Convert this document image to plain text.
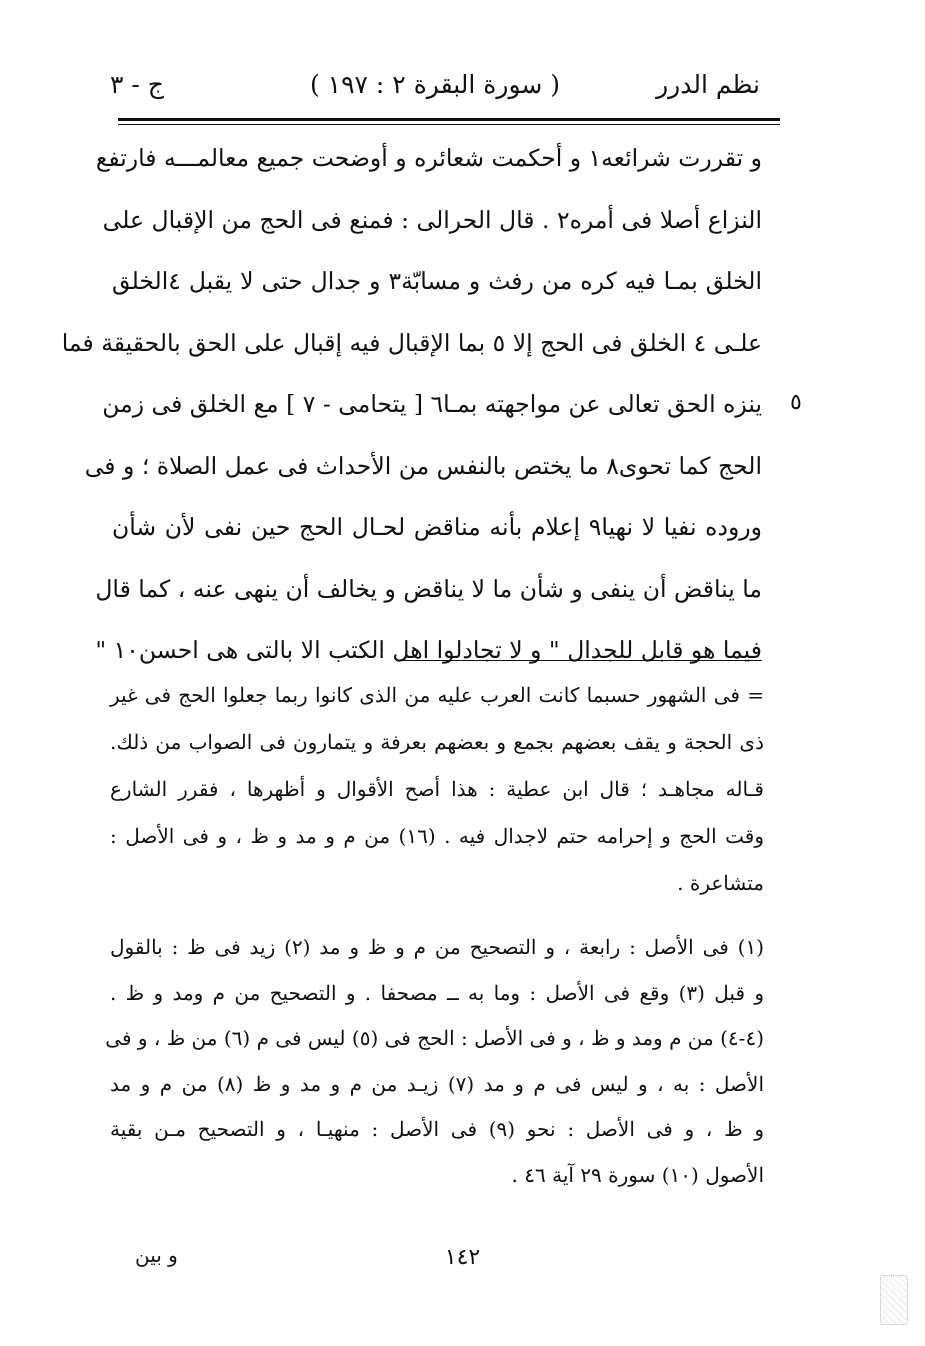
نظم الدرر
( سورة البقرة ٢ : ١٩٧ )
ج - ٣
و تقررت شرائعه١ و أحكمت شعائره و أوضحت جميع معالمـــه فارتفع
النزاع أصلا فى أمره٢ . قال الحرالى : فمنع فى الحج من الإقبال على
الخلق بمـا فيه كره من رفث و مسابّة٣ و جدال حتى لا يقبل ٤الخلق
علـى ٤ الخلق فى الحج إلا ٥ بما الإقبال فيه إقبال على الحق بالحقيقة فما
ينزه الحق تعالى عن مواجهته بمـا٦ [ يتحامى - ٧ ] مع الخلق فى زمن
الحج كما تحوى٨ ما يختص بالنفس من الأحداث فى عمل الصلاة ؛ و فى
وروده نفيا لا نهيا٩ إعلام بأنه مناقض لحـال الحج حين نفى لأن شأن
ما يناقض أن ينفى و شأن ما لا يناقض و يخالف أن ينهى عنه ، كما قال
فيما هو قابل للجدال " و لا تجادلوا اهل الكتب الا بالتى هى احسن١٠ "
٥
= فى الشهور حسبما كانت العرب عليه من الذى كانوا ربما جعلوا الحج فى غير
ذى الحجة و يقف بعضهم بجمع و بعضهم بعرفة و يتمارون فى الصواب من ذلك.
قـاله مجاهـد ؛ قال ابن عطية : هذا أصح الأقوال و أظهرها ، فقرر الشارع
وقت الحج و إحرامه حتم لاجدال فيه . (١٦) من م و مد و ظ ، و فى الأصل :
متشاعرة .
(١) فى الأصل : رابعة ، و التصحيح من م و ظ و مد (٢) زيد فى ظ : بالقول
و قبل (٣) وقع فى الأصل : وما به ــ مصحفا . و التصحيح من م ومد و ظ .
(٤-٤) من م ومد و ظ ، و فى الأصل : الحج فى (٥) ليس فى م (٦) من ظ ، و فى
الأصل : به ، و ليس فى م و مد (٧) زيـد من م و مد و ظ (٨) من م و مد
و ظ ، و فى الأصل : نحو (٩) فى الأصل : منهيـا ، و التصحيح مـن بقية
الأصول (١٠) سورة ٢٩ آية ٤٦ .
١٤٢
و بين
